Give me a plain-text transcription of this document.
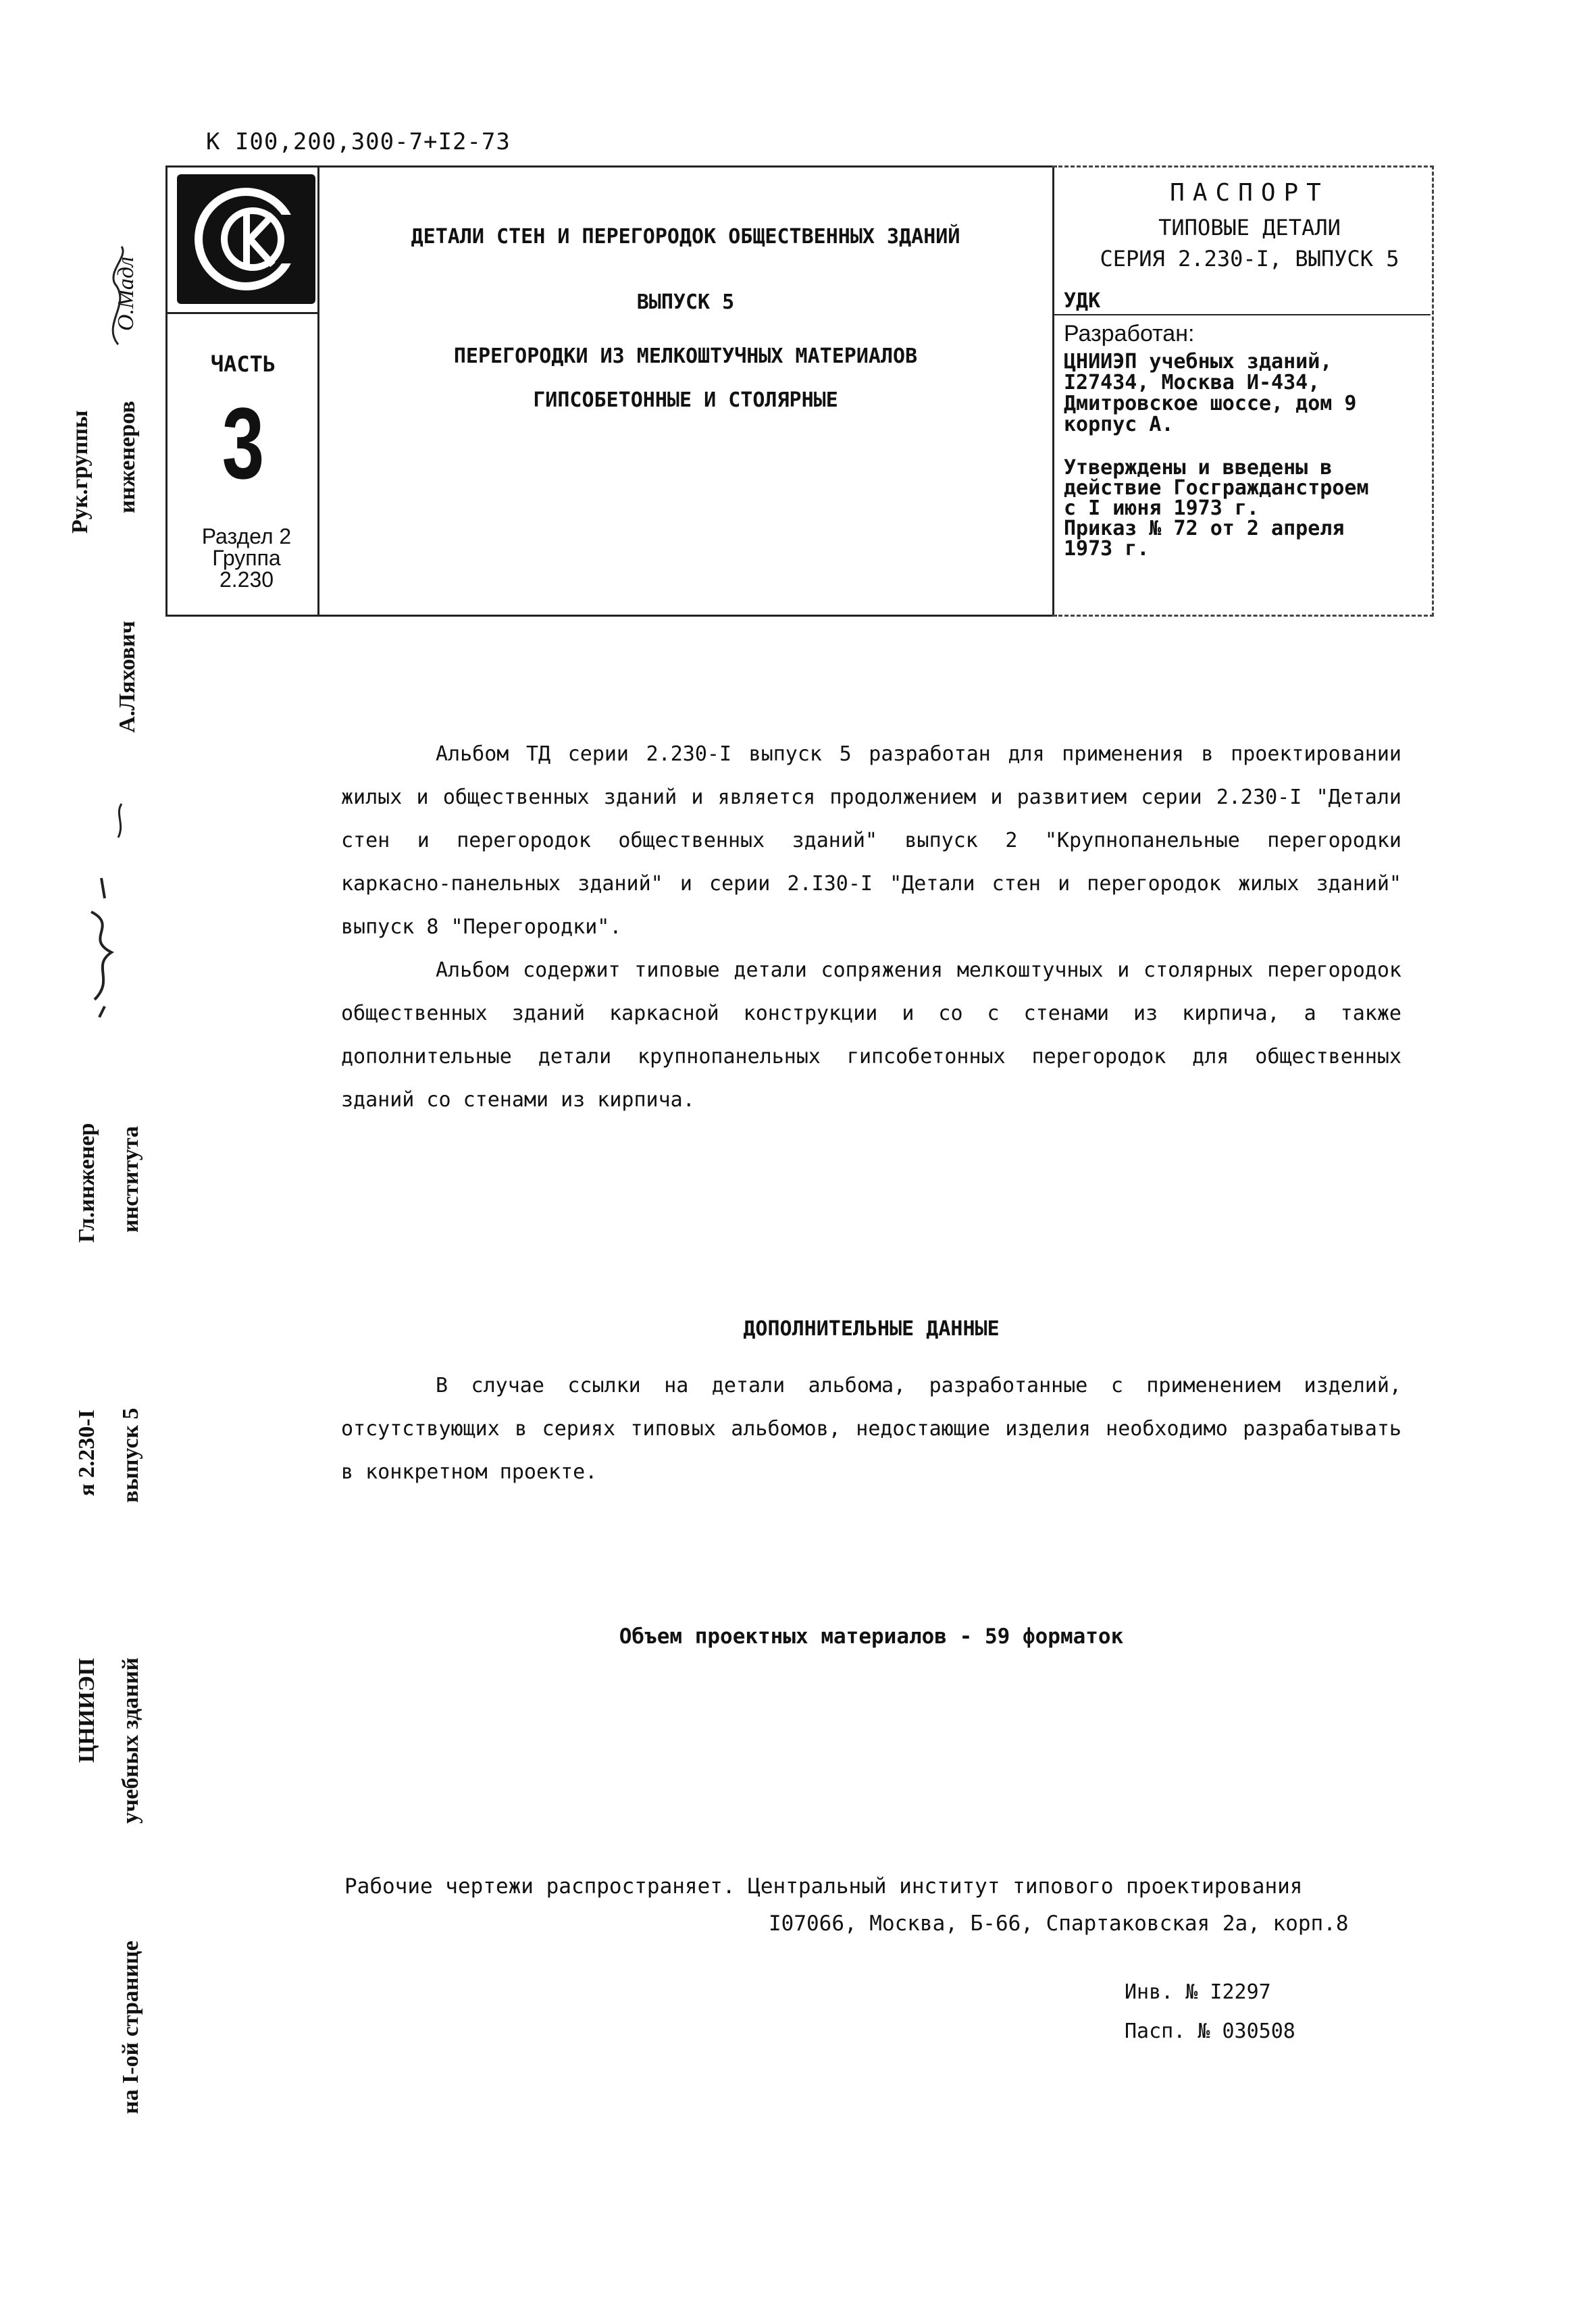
К I00,200,300-7+I2-73
ЧАСТЬ
3
Раздел 2
Группа
2.230
ДЕТАЛИ СТЕН И ПЕРЕГОРОДОК ОБЩЕСТВЕННЫХ ЗДАНИЙ
ВЫПУСК 5
ПЕРЕГОРОДКИ ИЗ МЕЛКОШТУЧНЫХ МАТЕРИАЛОВ
ГИПСОБЕТОННЫЕ И СТОЛЯРНЫЕ
ПАСПОРТ
ТИПОВЫЕ ДЕТАЛИ
СЕРИЯ 2.230-I, ВЫПУСК 5
УДК
Разработан:
ЦНИИЭП учебных зданий,
I27434, Москва И-434,
Дмитровское шоссе, дом 9
корпус А.
Утверждены и введены в
действие Госгражданстроем
с I июня 1973 г.
Приказ № 72 от 2 апреля
1973 г.

Альбом ТД серии 2.230-I выпуск 5 разработан для применения в проектировании жилых и общественных зданий и является продолжением и развитием серии 2.230-I "Детали стен и перегородок общественных зданий" выпуск 2 "Крупнопанельные перегородки каркасно-панельных зданий" и серии 2.I30-I "Детали стен и перегородок жилых зданий" выпуск 8 "Перегородки".

Альбом содержит типовые детали сопряжения мелкоштучных и столярных перегородок общественных зданий каркасной конструкции и со с стенами из кирпича, а также дополнительные детали крупнопанельных гипсобетонных перегородок для общественных зданий со стенами из кирпича.

ДОПОЛНИТЕЛЬНЫЕ ДАННЫЕ

В случае ссылки на детали альбома, разработанные с применением изделий, отсутствующих в сериях типовых альбомов, недостающие изделия необходимо разрабатывать в конкретном проекте.

Объем проектных материалов - 59 форматок
Рабочие чертежи распространяет. Центральный институт типового проектирования
I07066, Москва, Б-66, Спартаковская 2а, корп.8
Инв. № I2297
Пасп. № 030508
Рук.группы инженеров
О.Мадл
А.Ляхович
Гл.инженер института
я 2.230-I выпуск 5
ЦНИИЭП учебных зданий
на I-ой странице
